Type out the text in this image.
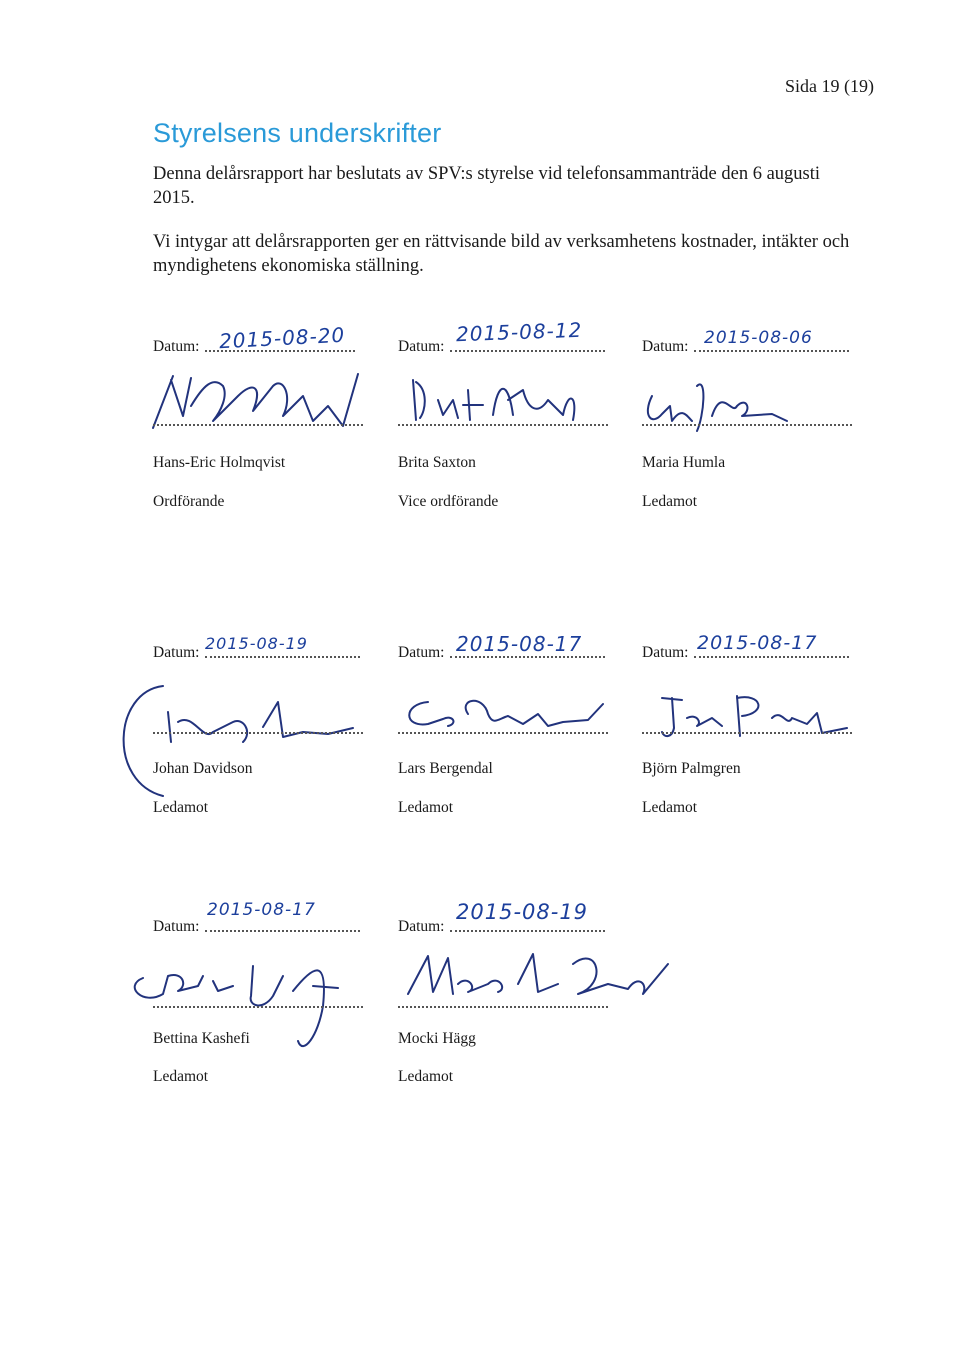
Sida 19 (19)
Styrelsens underskrifter

Denna delårsrapport har beslutats av SPV:s styrelse vid telefonsammanträde den 6 augusti 2015.

Vi intygar att delårsrapporten ger en rättvisande bild av verksamhetens kostnader, intäkter och myndighetens ekonomiska ställning.

Datum: 2015-08-20
Hans-Eric Holmqvist
Ordförande
Datum:
2015-08-12
Brita Saxton
Vice ordförande
Datum: 2015-08-06
Maria Humla
Ledamot
Datum: 2015-08-19
Johan Davidson
Ledamot
Datum: 2015-08-17
Lars Bergendal
Ledamot
Datum: 2015-08-17
Björn Palmgren
Ledamot
Datum:
2015-08-17
Bettina Kashefi
Ledamot
Datum:
2015-08-19
Mocki Hägg
Ledamot
